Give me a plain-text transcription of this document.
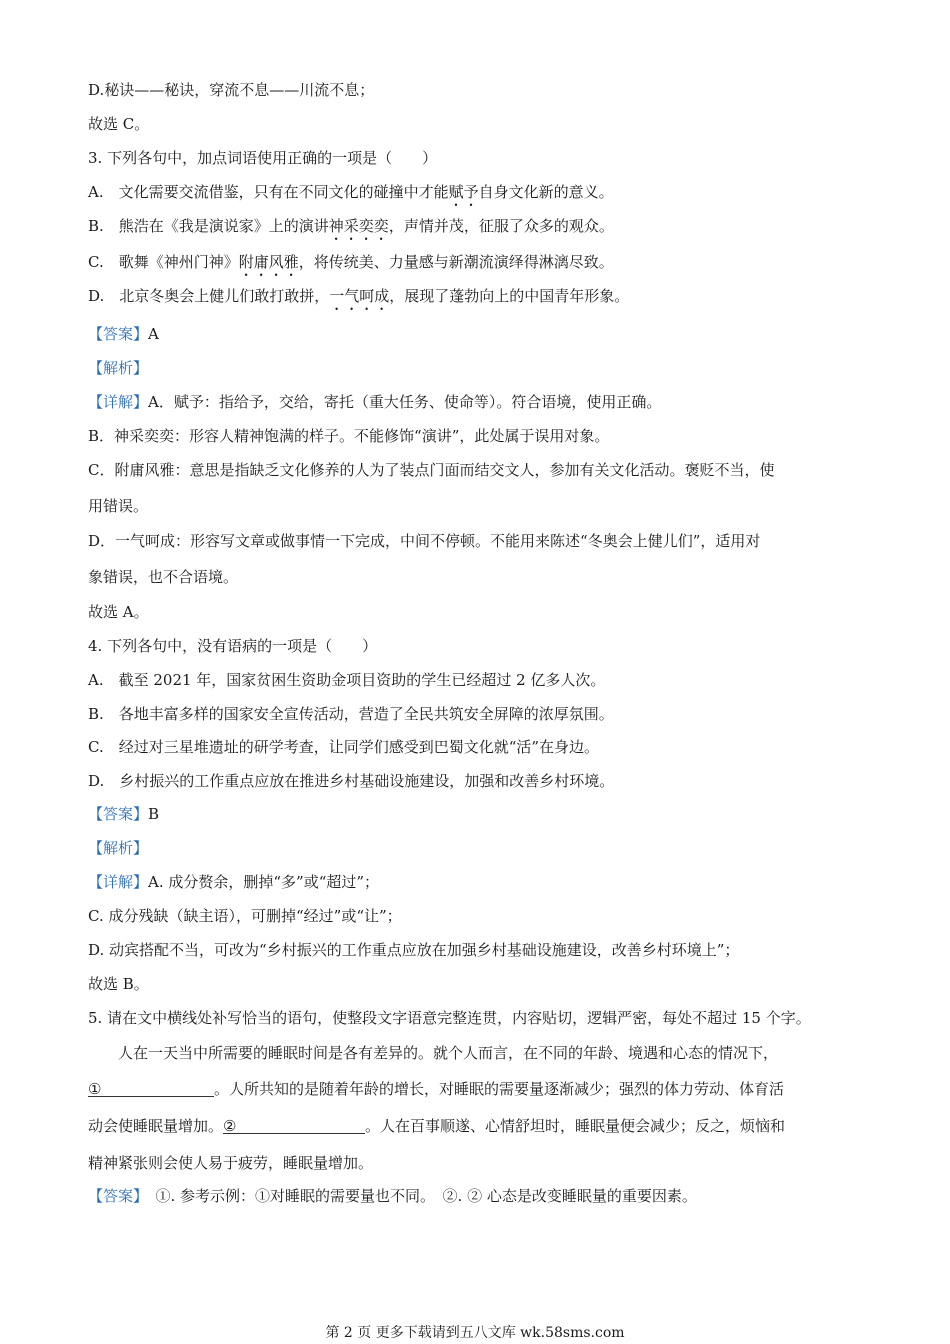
D.秘诀——秘诀，穿流不息——川流不息；
故选 C。
3. 下列各句中，加点词语使用正确的一项是（　　）
A.　文化需要交流借鉴，只有在不同文化的碰撞中才能赋予自身文化新的意义。
B.　熊浩在《我是演说家》上的演讲神采奕奕，声情并茂，征服了众多的观众。
C.　歌舞《神州门神》附庸风雅，将传统美、力量感与新潮流演绎得淋漓尽致。
D.　北京冬奥会上健儿们敢打敢拼，一气呵成，展现了蓬勃向上的中国青年形象。
【答案】A
【解析】
【详解】A．赋予：指给予，交给，寄托（重大任务、使命等）。符合语境，使用正确。
B．神采奕奕：形容人精神饱满的样子。不能修饰“演讲”，此处属于误用对象。
C．附庸风雅：意思是指缺乏文化修养的人为了装点门面而结交文人，参加有关文化活动。褒贬不当，使
用错误。
D．一气呵成：形容写文章或做事情一下完成，中间不停顿。不能用来陈述“冬奥会上健儿们”，适用对
象错误，也不合语境。
故选 A。
4. 下列各句中，没有语病的一项是（　　）
A.　截至 2021 年，国家贫困生资助金项目资助的学生已经超过 2 亿多人次。
B.　各地丰富多样的国家安全宣传活动，营造了全民共筑安全屏障的浓厚氛围。
C.　经过对三星堆遗址的研学考查，让同学们感受到巴蜀文化就“活”在身边。
D.　乡村振兴的工作重点应放在推进乡村基础设施建设，加强和改善乡村环境。
【答案】B
【解析】
【详解】A. 成分赘余，删掉“多”或“超过”；
C. 成分残缺（缺主语），可删掉“经过”或“让”；
D. 动宾搭配不当，可改为“乡村振兴的工作重点应放在加强乡村基础设施建设，改善乡村环境上”；
故选 B。
5. 请在文中横线处补写恰当的语句，使整段文字语意完整连贯，内容贴切，逻辑严密，每处不超过 15 个字。
人在一天当中所需要的睡眠时间是各有差异的。就个人而言，在不同的年龄、境遇和心态的情况下，
①	。人所共知的是随着年龄的增长，对睡眠的需要量逐渐减少；强烈的体力劳动、体育活
动会使睡眠量增加。②	。人在百事顺遂、心情舒坦时，睡眠量便会减少；反之，烦恼和
精神紧张则会使人易于疲劳，睡眠量增加。
【答案】　①. 参考示例：①对睡眠的需要量也不同。　②. ② 心态是改变睡眠量的重要因素。
第 2 页 更多下载请到五八文库 wk.58sms.com
